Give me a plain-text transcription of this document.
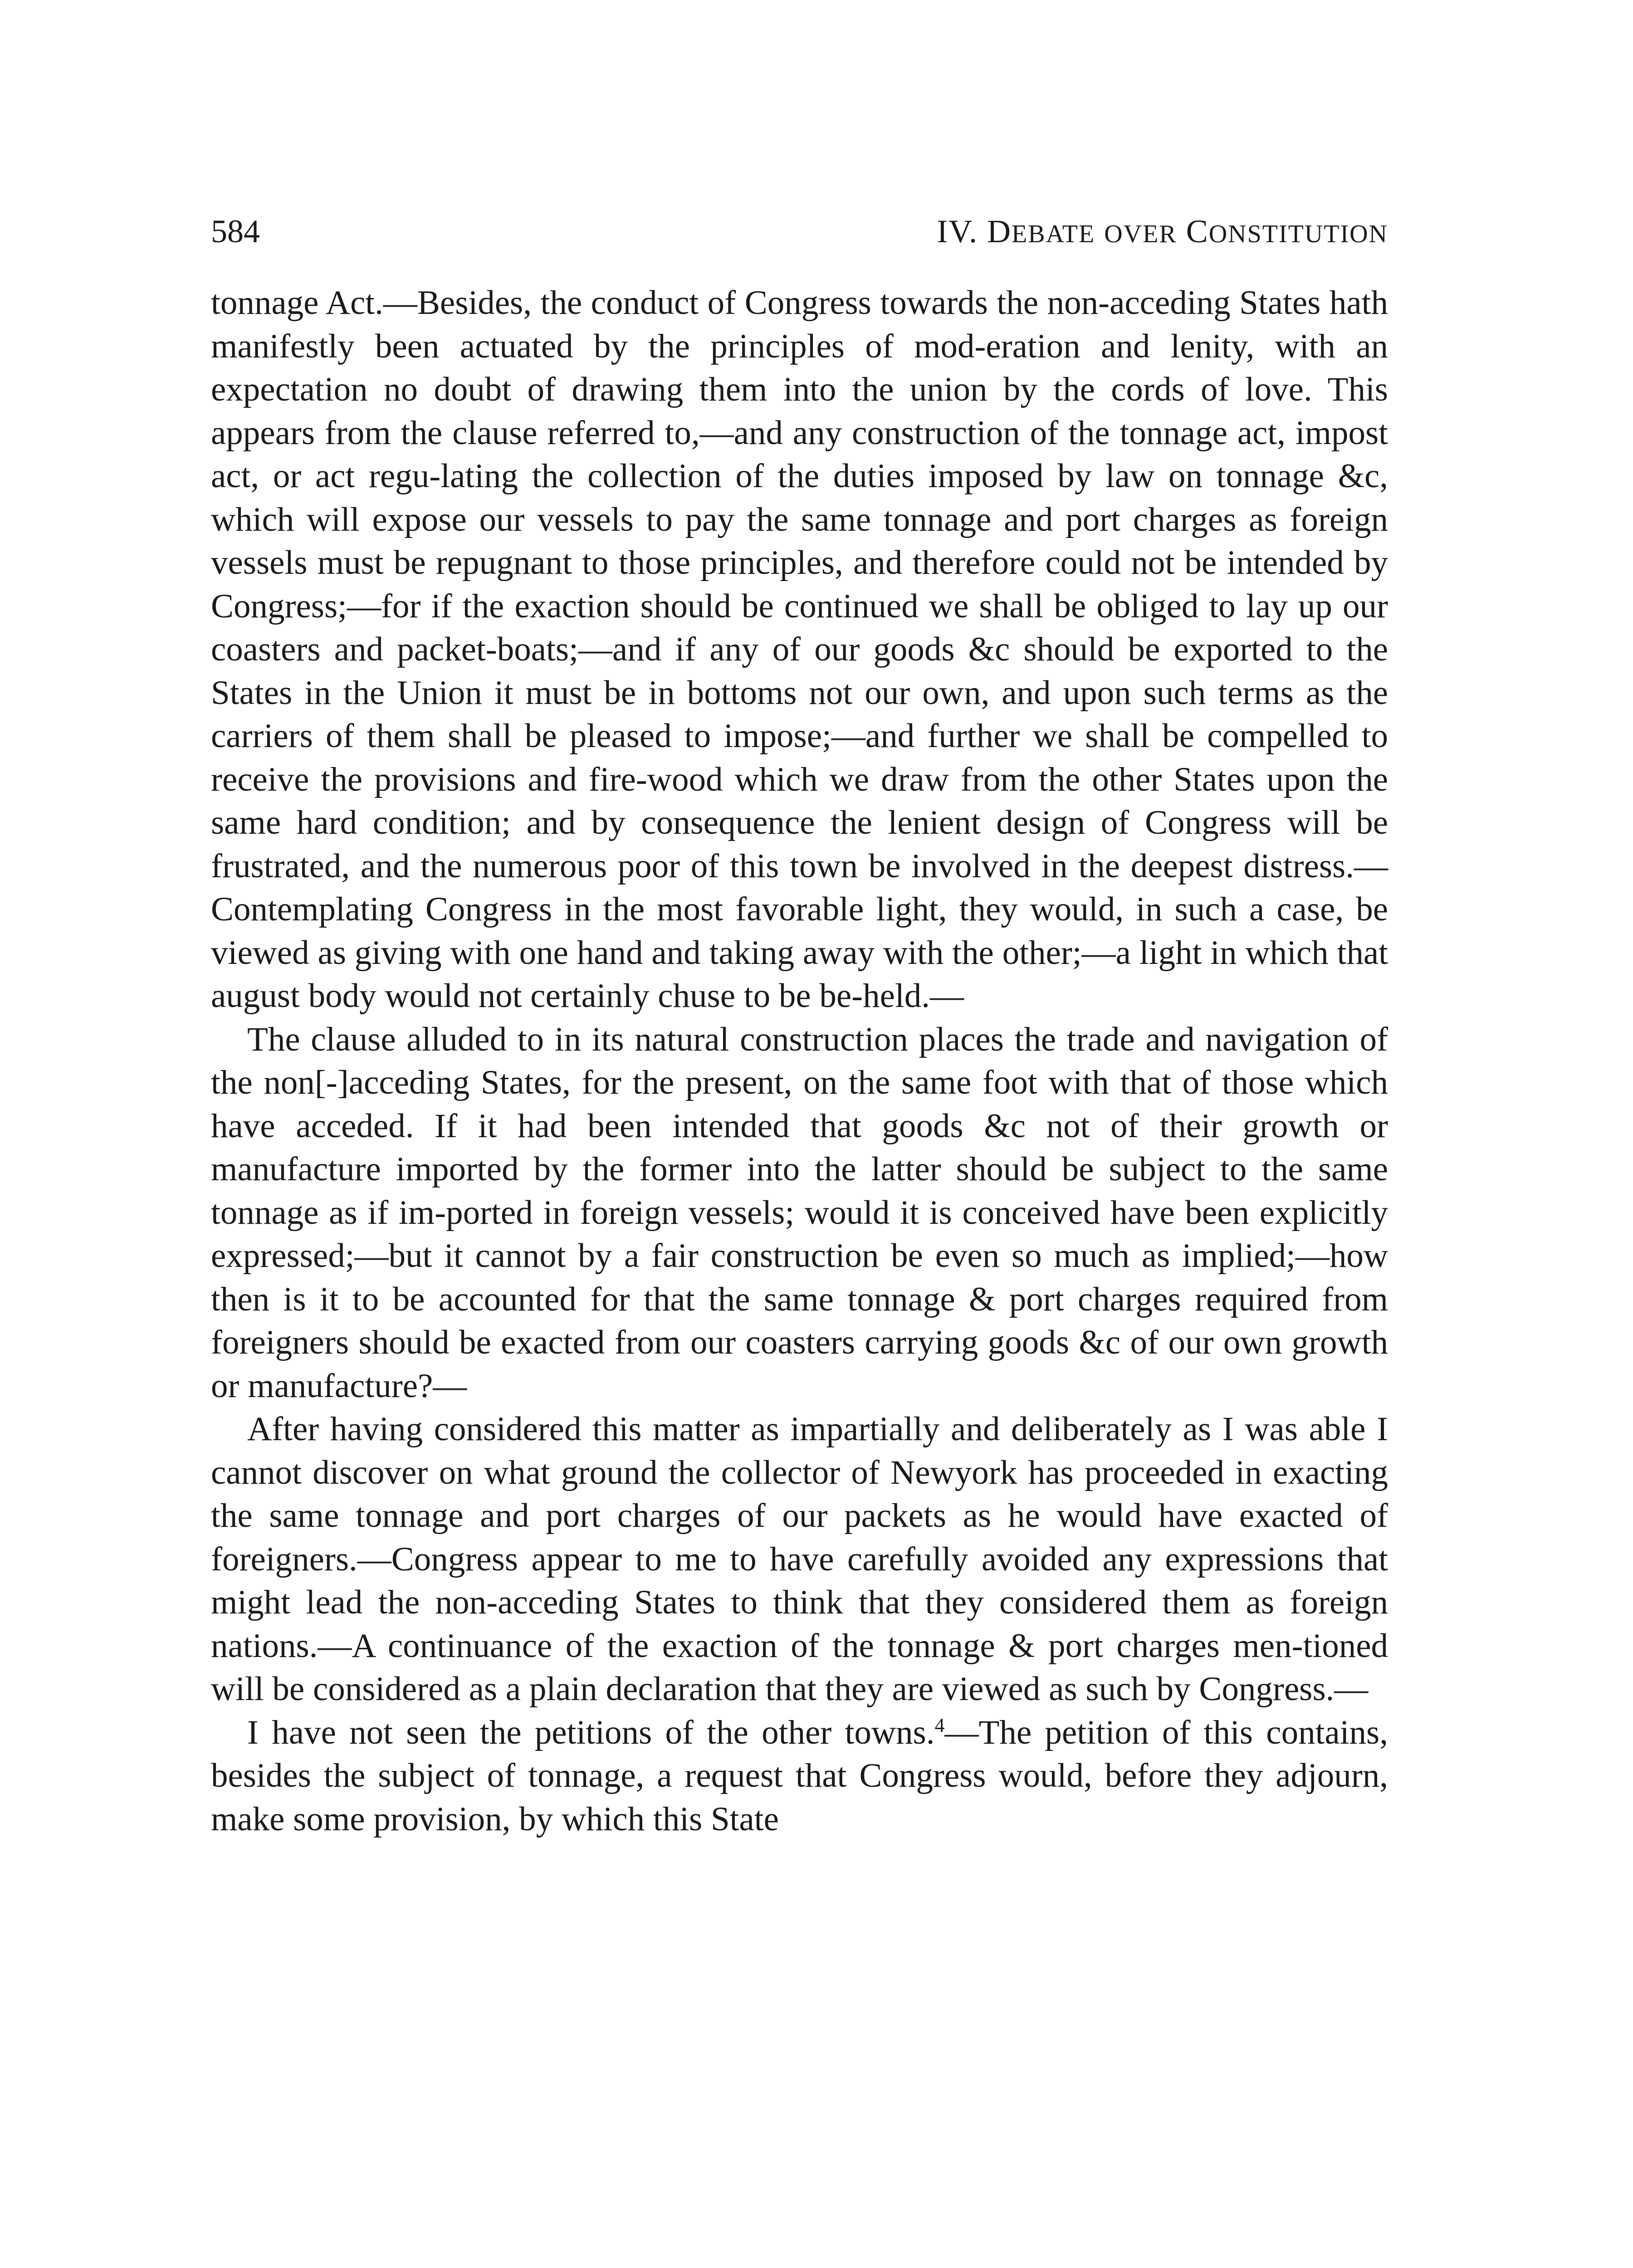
584	IV. DEBATE OVER CONSTITUTION

tonnage Act.—Besides, the conduct of Congress towards the non-acceding States hath manifestly been actuated by the principles of mod-eration and lenity, with an expectation no doubt of drawing them into the union by the cords of love. This appears from the clause referred to,—and any construction of the tonnage act, impost act, or act regu-lating the collection of the duties imposed by law on tonnage &c, which will expose our vessels to pay the same tonnage and port charges as foreign vessels must be repugnant to those principles, and therefore could not be intended by Congress;—for if the exaction should be continued we shall be obliged to lay up our coasters and packet-boats;—and if any of our goods &c should be exported to the States in the Union it must be in bottoms not our own, and upon such terms as the carriers of them shall be pleased to impose;—and further we shall be compelled to receive the provisions and fire-wood which we draw from the other States upon the same hard condition; and by consequence the lenient design of Congress will be frustrated, and the numerous poor of this town be involved in the deepest distress.—Contemplating Congress in the most favorable light, they would, in such a case, be viewed as giving with one hand and taking away with the other;—a light in which that august body would not certainly chuse to be be-held.—

The clause alluded to in its natural construction places the trade and navigation of the non[-]acceding States, for the present, on the same foot with that of those which have acceded. If it had been intended that goods &c not of their growth or manufacture imported by the former into the latter should be subject to the same tonnage as if im-ported in foreign vessels; would it is conceived have been explicitly expressed;—but it cannot by a fair construction be even so much as implied;—how then is it to be accounted for that the same tonnage & port charges required from foreigners should be exacted from our coasters carrying goods &c of our own growth or manufacture?—

After having considered this matter as impartially and deliberately as I was able I cannot discover on what ground the collector of Newyork has proceeded in exacting the same tonnage and port charges of our packets as he would have exacted of foreigners.—Congress appear to me to have carefully avoided any expressions that might lead the non-acceding States to think that they considered them as foreign nations.—A continuance of the exaction of the tonnage & port charges men-tioned will be considered as a plain declaration that they are viewed as such by Congress.—

I have not seen the petitions of the other towns.$^4$—The petition of this contains, besides the subject of tonnage, a request that Congress would, before they adjourn, make some provision, by which this State
